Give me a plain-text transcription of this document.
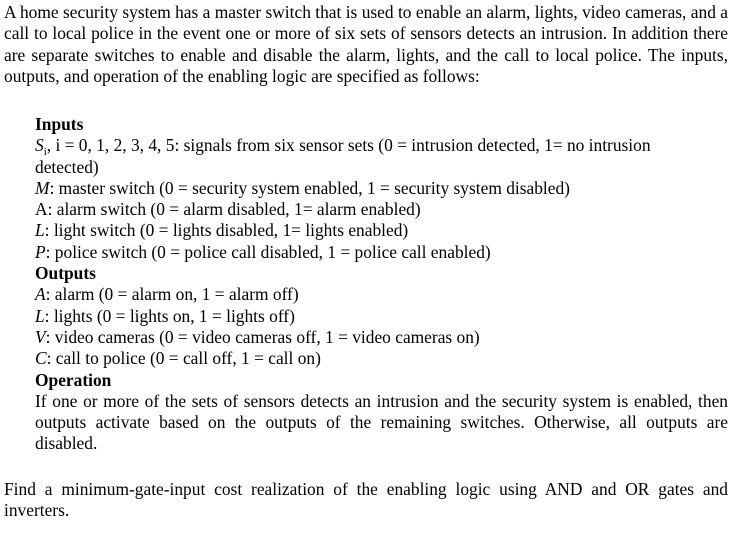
A home security system has a master switch that is used to enable an alarm, lights, video cameras, and a call to local police in the event one or more of six sets of sensors detects an intrusion. In addition there are separate switches to enable and disable the alarm, lights, and the call to local police. The inputs, outputs, and operation of the enabling logic are specified as follows:

Inputs
$S_i$, i = 0, 1, 2, 3, 4, 5: signals from six sensor sets (0 = intrusion detected, 1= no intrusion
detected)
M: master switch (0 = security system enabled, 1 = security system disabled)
A: alarm switch (0 = alarm disabled, 1= alarm enabled)
L: light switch (0 = lights disabled, 1= lights enabled)
P: police switch (0 = police call disabled, 1 = police call enabled)
Outputs
A: alarm (0 = alarm on, 1 = alarm off)
L: lights (0 = lights on, 1 = lights off)
V: video cameras (0 = video cameras off, 1 = video cameras on)
C: call to police (0 = call off, 1 = call on)
Operation
If one or more of the sets of sensors detects an intrusion and the security system is enabled, then outputs activate based on the outputs of the remaining switches. Otherwise, all outputs are disabled.

Find a minimum-gate-input cost realization of the enabling logic using AND and OR gates and inverters.
